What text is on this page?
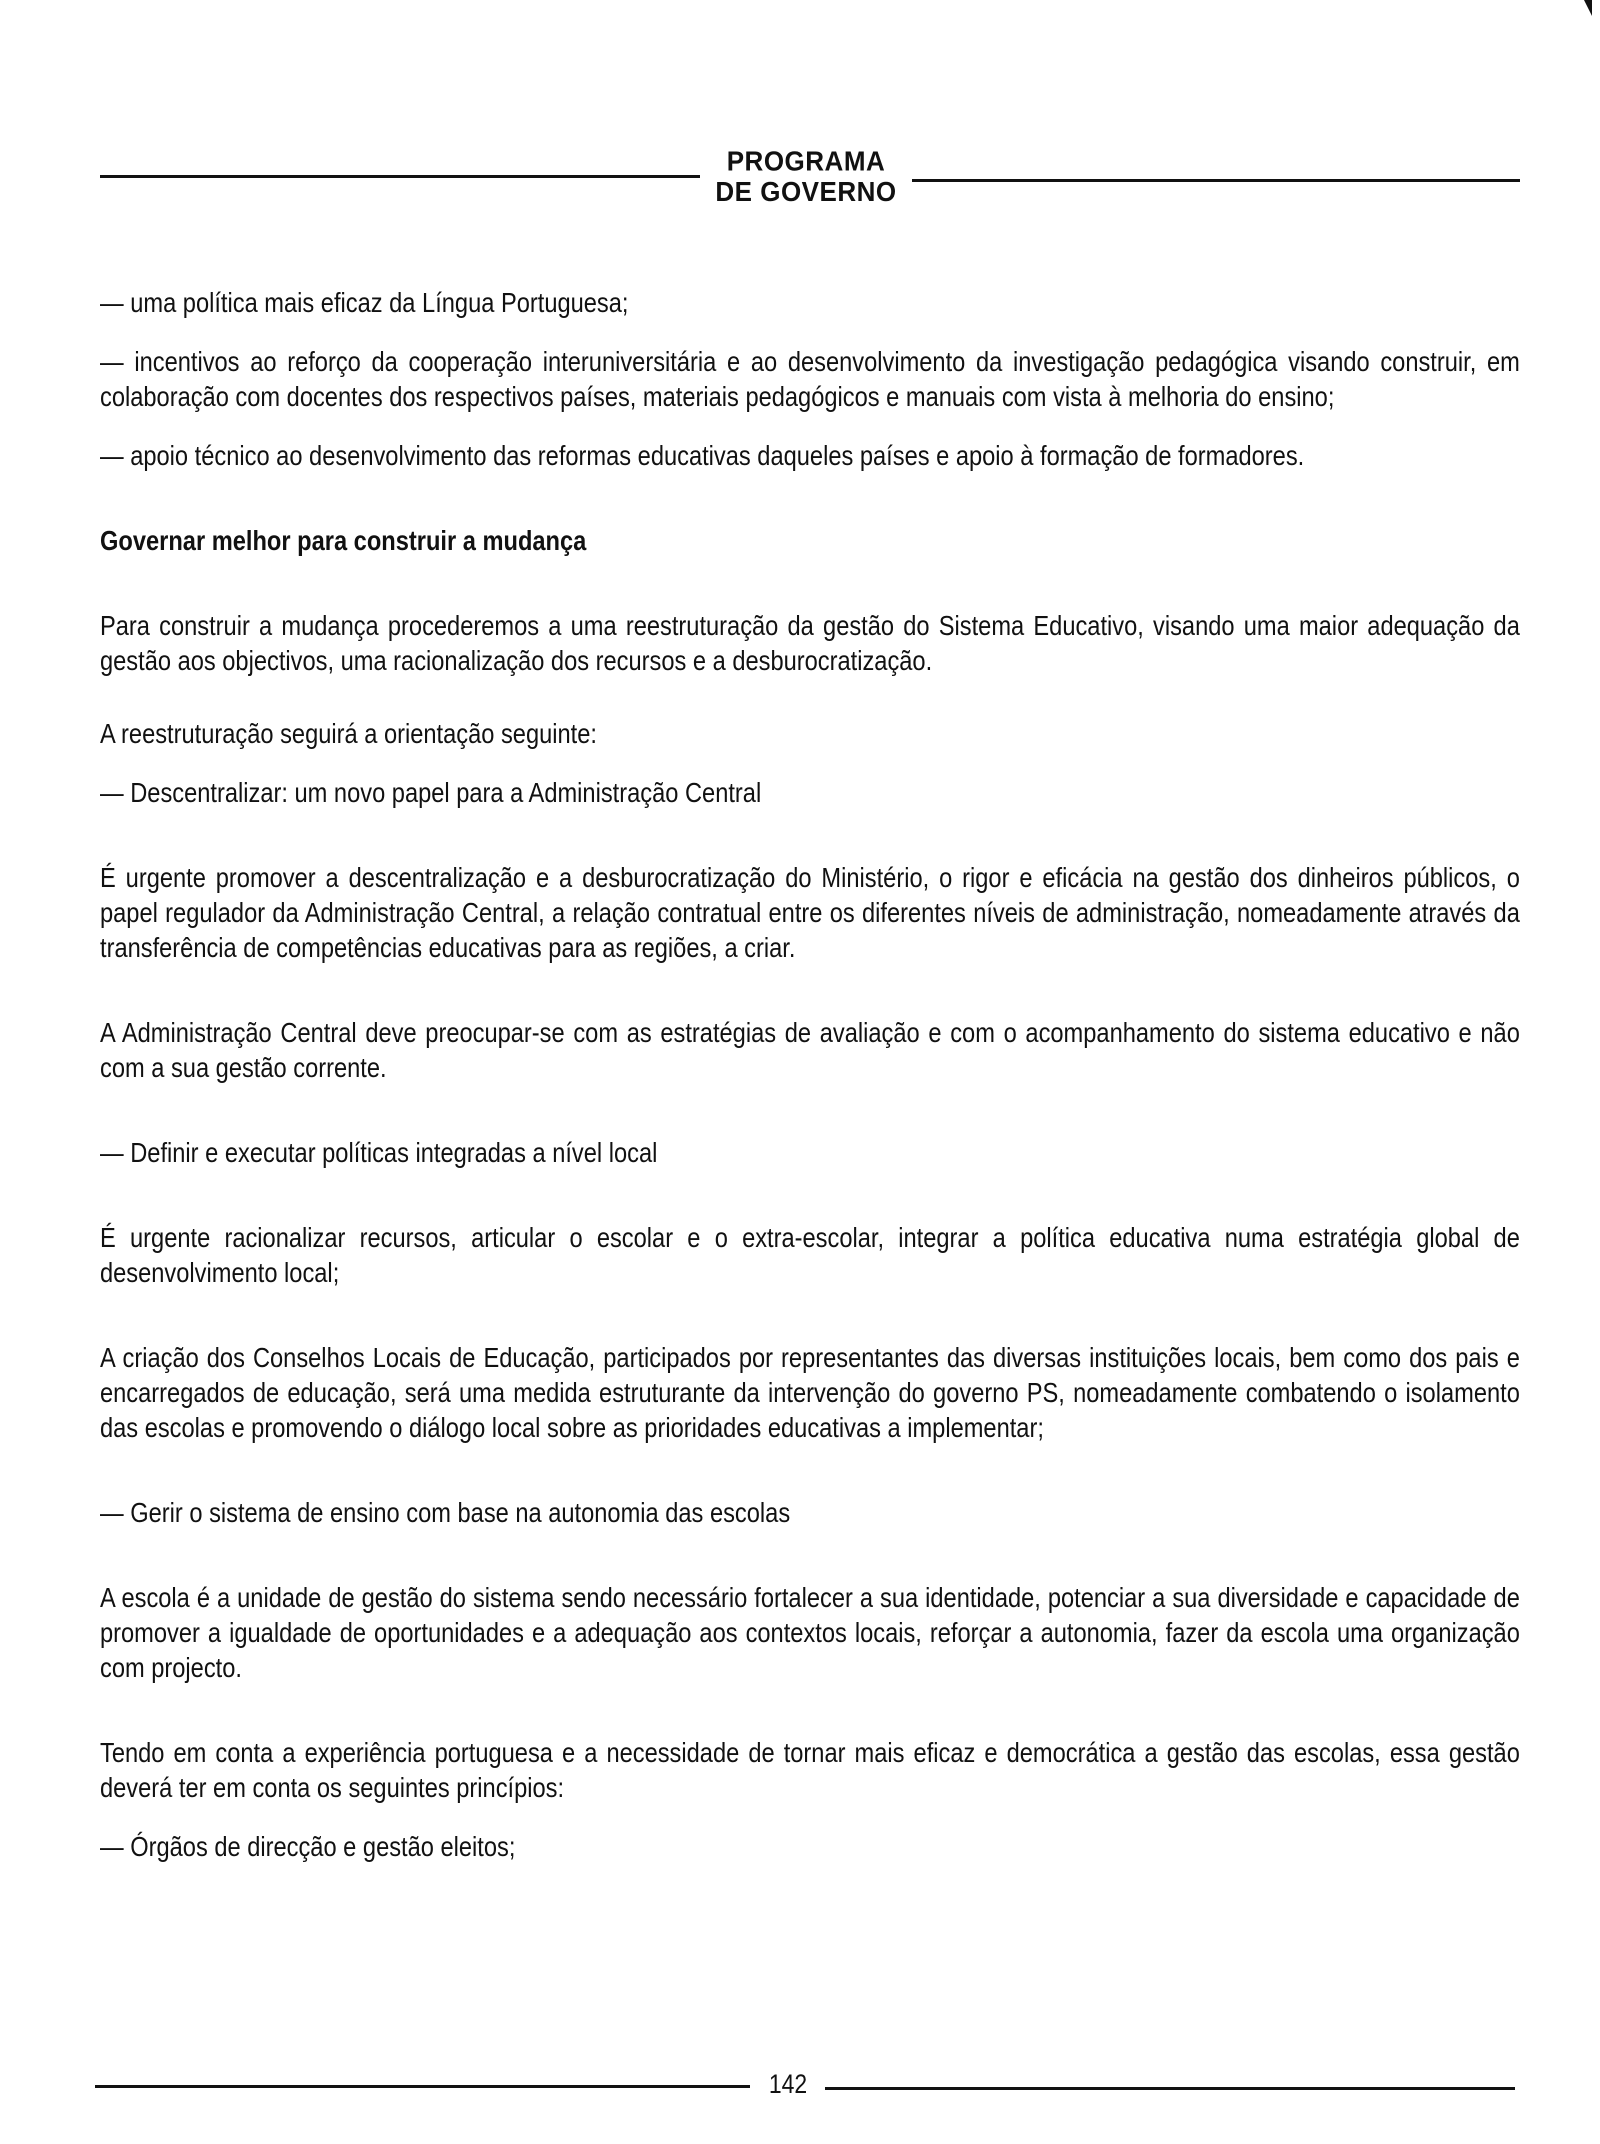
PROGRAMA
DE GOVERNO

— uma política mais eficaz da Língua Portuguesa;

— incentivos ao reforço da cooperação interuniversitária e ao desenvolvimento da investigação pedagógica visando construir, em colaboração com docentes dos respectivos países, materiais pedagógicos e manuais com vista à melhoria do ensino;

— apoio técnico ao desenvolvimento das reformas educativas daqueles países e apoio à formação de formadores.

Governar melhor para construir a mudança

Para construir a mudança procederemos a uma reestruturação da gestão do Sistema Educativo, visando uma maior adequação da gestão aos objectivos, uma racionalização dos recursos e a desburocratização.

A reestruturação seguirá a orientação seguinte:

— Descentralizar: um novo papel para a Administração Central

É urgente promover a descentralização e a desburocratização do Ministério, o rigor e eficácia na gestão dos dinheiros públicos, o papel regulador da Administração Central, a relação contratual entre os diferentes níveis de administração, nomeadamente através da transferência de competências educativas para as regiões, a criar.

A Administração Central deve preocupar-se com as estratégias de avaliação e com o acompanhamento do sistema educativo e não com a sua gestão corrente.

— Definir e executar políticas integradas a nível local

É urgente racionalizar recursos, articular o escolar e o extra-escolar, integrar a política educativa numa estratégia global de desenvolvimento local;

A criação dos Conselhos Locais de Educação, participados por representantes das diversas instituições locais, bem como dos pais e encarregados de educação, será uma medida estruturante da intervenção do governo PS, nomeadamente combatendo o isolamento das escolas e promovendo o diálogo local sobre as prioridades educativas a implementar;

— Gerir o sistema de ensino com base na autonomia das escolas

A escola é a unidade de gestão do sistema sendo necessário fortalecer a sua identidade, potenciar a sua diversidade e capacidade de promover a igualdade de oportunidades e a adequação aos contextos locais, reforçar a autonomia, fazer da escola uma organização com projecto.

Tendo em conta a experiência portuguesa e a necessidade de tornar mais eficaz e democrática a gestão das escolas, essa gestão deverá ter em conta os seguintes princípios:

— Órgãos de direcção e gestão eleitos;

142
